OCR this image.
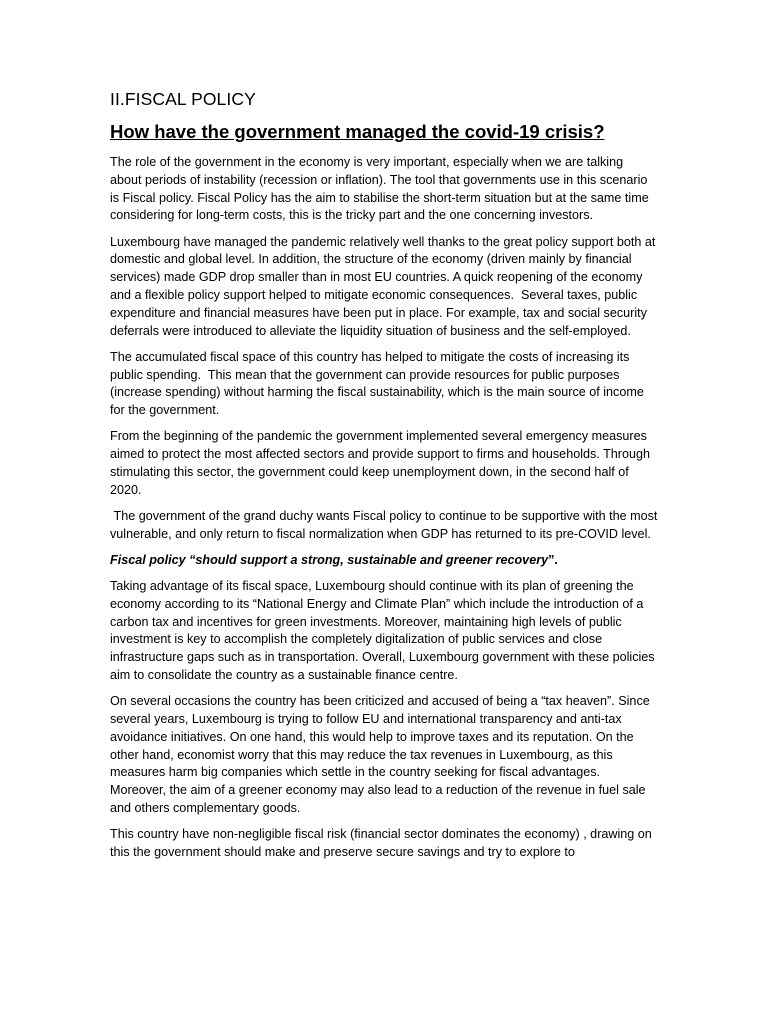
II.FISCAL POLICY
How have the government managed the covid-19 crisis?

The role of the government in the economy is very important, especially when we are talking about periods of instability (recession or inflation). The tool that governments use in this scenario is Fiscal policy. Fiscal Policy has the aim to stabilise the short-term situation but at the same time considering for long-term costs, this is the tricky part and the one concerning investors.

Luxembourg have managed the pandemic relatively well thanks to the great policy support both at domestic and global level. In addition, the structure of the economy (driven mainly by financial services) made GDP drop smaller than in most EU countries. A quick reopening of the economy and a flexible policy support helped to mitigate economic consequences.  Several taxes, public expenditure and financial measures have been put in place. For example, tax and social security deferrals were introduced to alleviate the liquidity situation of business and the self-employed.

The accumulated fiscal space of this country has helped to mitigate the costs of increasing its public spending.  This mean that the government can provide resources for public purposes (increase spending) without harming the fiscal sustainability, which is the main source of income for the government.

From the beginning of the pandemic the government implemented several emergency measures aimed to protect the most affected sectors and provide support to firms and households. Through stimulating this sector, the government could keep unemployment down, in the second half of 2020.

The government of the grand duchy wants Fiscal policy to continue to be supportive with the most vulnerable, and only return to fiscal normalization when GDP has returned to its pre-COVID level.

Fiscal policy “should support a strong, sustainable and greener recovery”.

Taking advantage of its fiscal space, Luxembourg should continue with its plan of greening the economy according to its “National Energy and Climate Plan” which include the introduction of a carbon tax and incentives for green investments. Moreover, maintaining high levels of public investment is key to accomplish the completely digitalization of public services and close infrastructure gaps such as in transportation. Overall, Luxembourg government with these policies aim to consolidate the country as a sustainable finance centre.

On several occasions the country has been criticized and accused of being a “tax heaven”. Since several years, Luxembourg is trying to follow EU and international transparency and anti-tax avoidance initiatives. On one hand, this would help to improve taxes and its reputation. On the other hand, economist worry that this may reduce the tax revenues in Luxembourg, as this measures harm big companies which settle in the country seeking for fiscal advantages. Moreover, the aim of a greener economy may also lead to a reduction of the revenue in fuel sale and others complementary goods.

This country have non-negligible fiscal risk (financial sector dominates the economy) , drawing on this the government should make and preserve secure savings and try to explore to
